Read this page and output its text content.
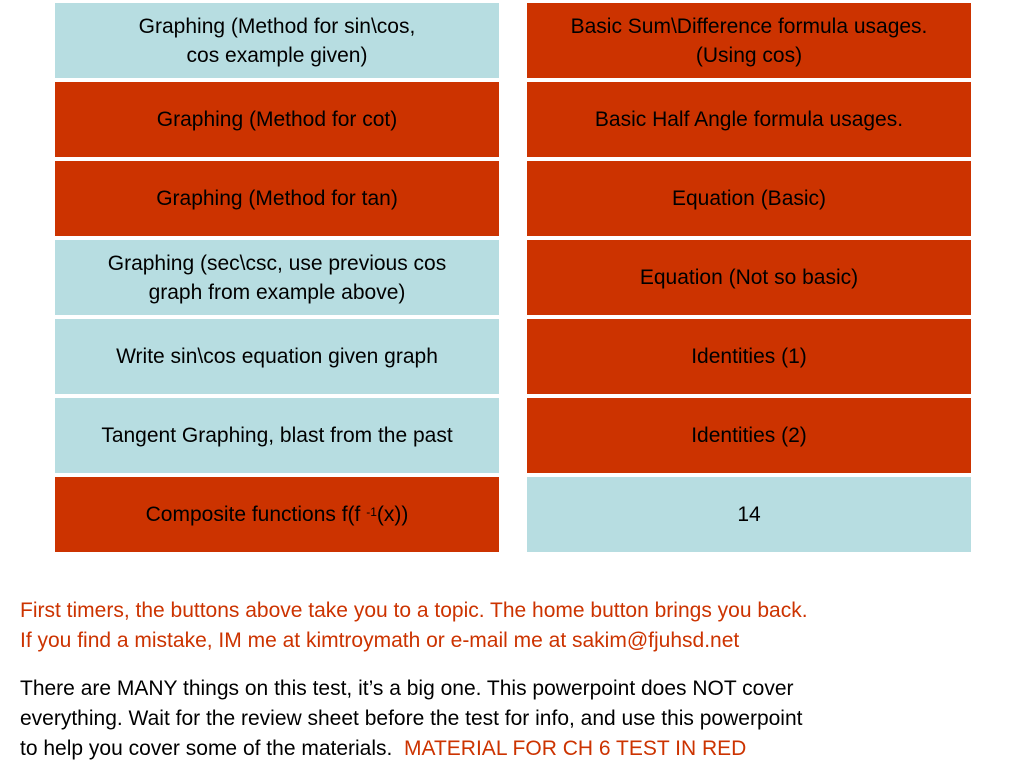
Graphing (Method for sin\cos,
cos example given)
Graphing (Method for cot)
Graphing (Method for tan)
Graphing (sec\csc, use previous cos
graph from example above)
Write sin\cos equation given graph
Tangent Graphing, blast from the past
Composite functions f(f $^{-1}$(x))
Basic Sum\Difference formula usages.
(Using cos)
Basic Half Angle formula usages.
Equation (Basic)
Equation (Not so basic)
Identities (1)
Identities (2)
14

First timers, the buttons above take you to a topic. The home button brings you back.
If you find a mistake, IM me at kimtroymath or e-mail me at sakim@fjuhsd.net

There are MANY things on this test, it’s a big one. This powerpoint does NOT cover
everything. Wait for the review sheet before the test for info, and use this powerpoint
to help you cover some of the materials.  MATERIAL FOR CH 6 TEST IN RED
